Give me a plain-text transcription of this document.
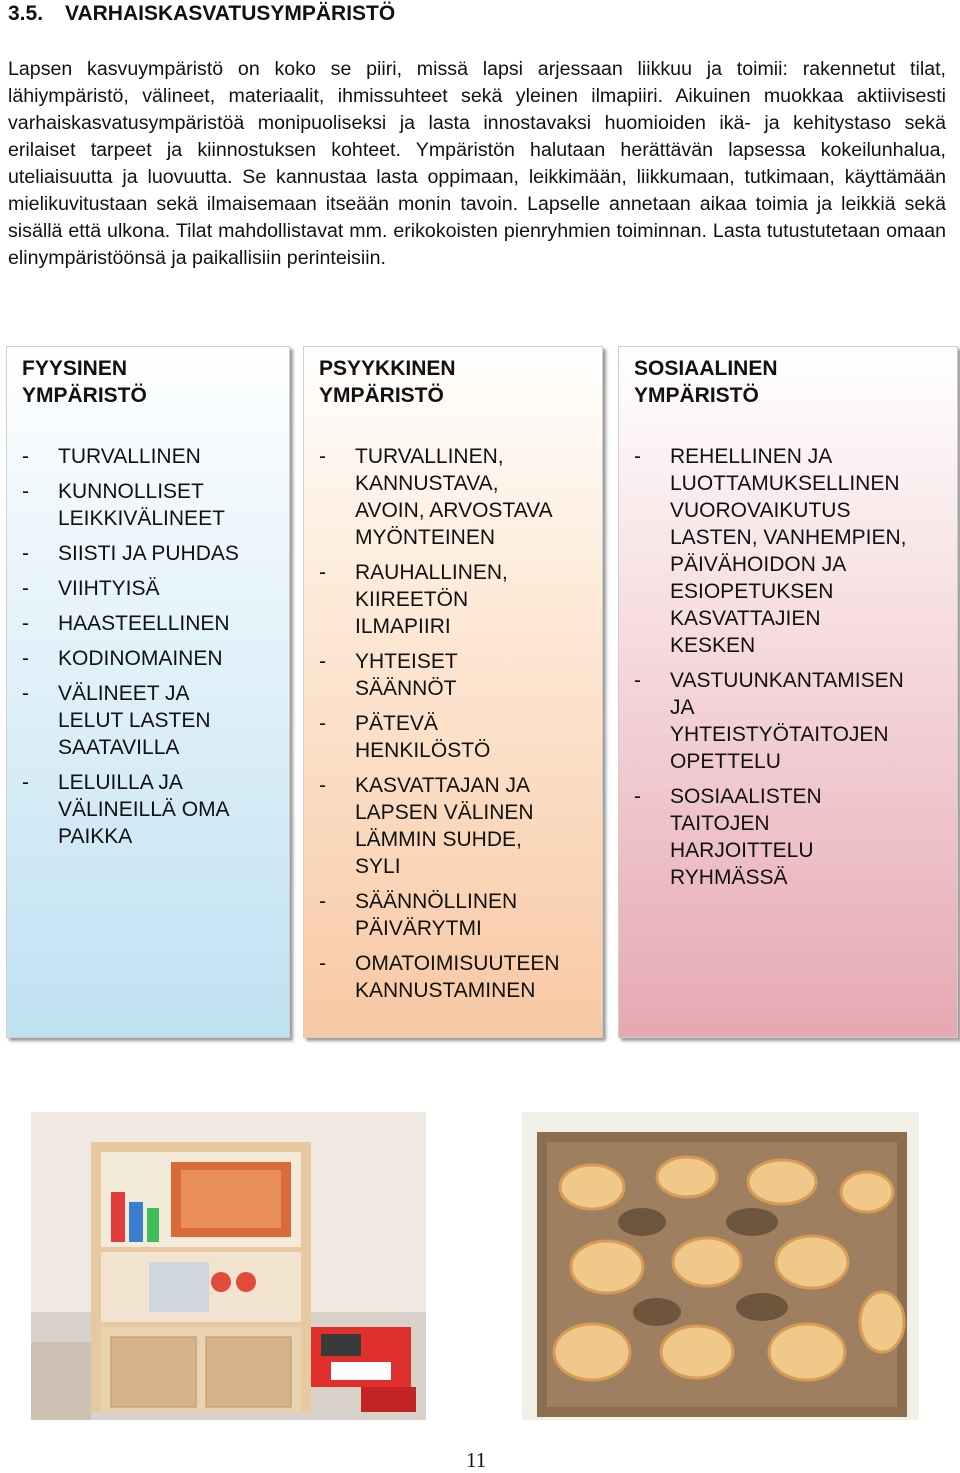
3.5. VARHAISKASVATUSYMPÄRISTÖ

Lapsen kasvuympäristö on koko se piiri, missä lapsi arjessaan liikkuu ja toimii: rakennetut tilat, lähiympäristö, välineet, materiaalit, ihmissuhteet sekä yleinen ilmapiiri. Aikuinen muokkaa aktiivisesti varhaiskasvatusympäristöä monipuoliseksi ja lasta innostavaksi huomioiden ikä- ja kehitystaso sekä erilaiset tarpeet ja kiinnostuksen kohteet. Ympäristön halutaan herättävän lapsessa kokeilunhalua, uteliaisuutta ja luovuutta. Se kannustaa lasta oppimaan, leikkimään, liikkumaan, tutkimaan, käyttämään mielikuvitustaan sekä ilmaisemaan itseään monin tavoin. Lapselle annetaan aikaa toimia ja leikkiä sekä sisällä että ulkona. Tilat mahdollistavat mm. erikokoisten pienryhmien toiminnan. Lasta tutustutetaan omaan elinympäristöönsä ja paikallisiin perinteisiin.

FYYSINEN
YMPÄRISTÖ

-	TURVALLINEN
-	KUNNOLLISET
LEIKKIVÄLINEET
-	SIISTI JA PUHDAS
-	VIIHTYISÄ
-	HAASTEELLINEN
-	KODINOMAINEN
-	VÄLINEET JA
LELUT LASTEN
SAATAVILLA
-	LELUILLA JA
VÄLINEILLÄ OMA
PAIKKA

PSYYKKINEN
YMPÄRISTÖ

-	TURVALLINEN,
KANNUSTAVA,
AVOIN, ARVOSTAVA
MYÖNTEINEN
-	RAUHALLINEN,
KIIREETÖN
ILMAPIIRI
-	YHTEISET
SÄÄNNÖT
-	PÄTEVÄ
HENKILÖSTÖ
-	KASVATTAJAN JA
LAPSEN VÄLINEN
LÄMMIN SUHDE,
SYLI
-	SÄÄNNÖLLINEN
PÄIVÄRYTMI
-	OMATOIMISUUTEEN
KANNUSTAMINEN

SOSIAALINEN
YMPÄRISTÖ

-	REHELLINEN JA
LUOTTAMUKSELLINEN
VUOROVAIKUTUS
LASTEN, VANHEMPIEN,
PÄIVÄHOIDON JA
ESIOPETUKSEN
KASVATTAJIEN
KESKEN
-	VASTUUNKANTAMISEN
JA
YHTEISTYÖTAITOJEN
OPETTELU
-	SOSIAALISTEN
TAITOJEN
HARJOITTELU
RYHMÄSSÄ
11
